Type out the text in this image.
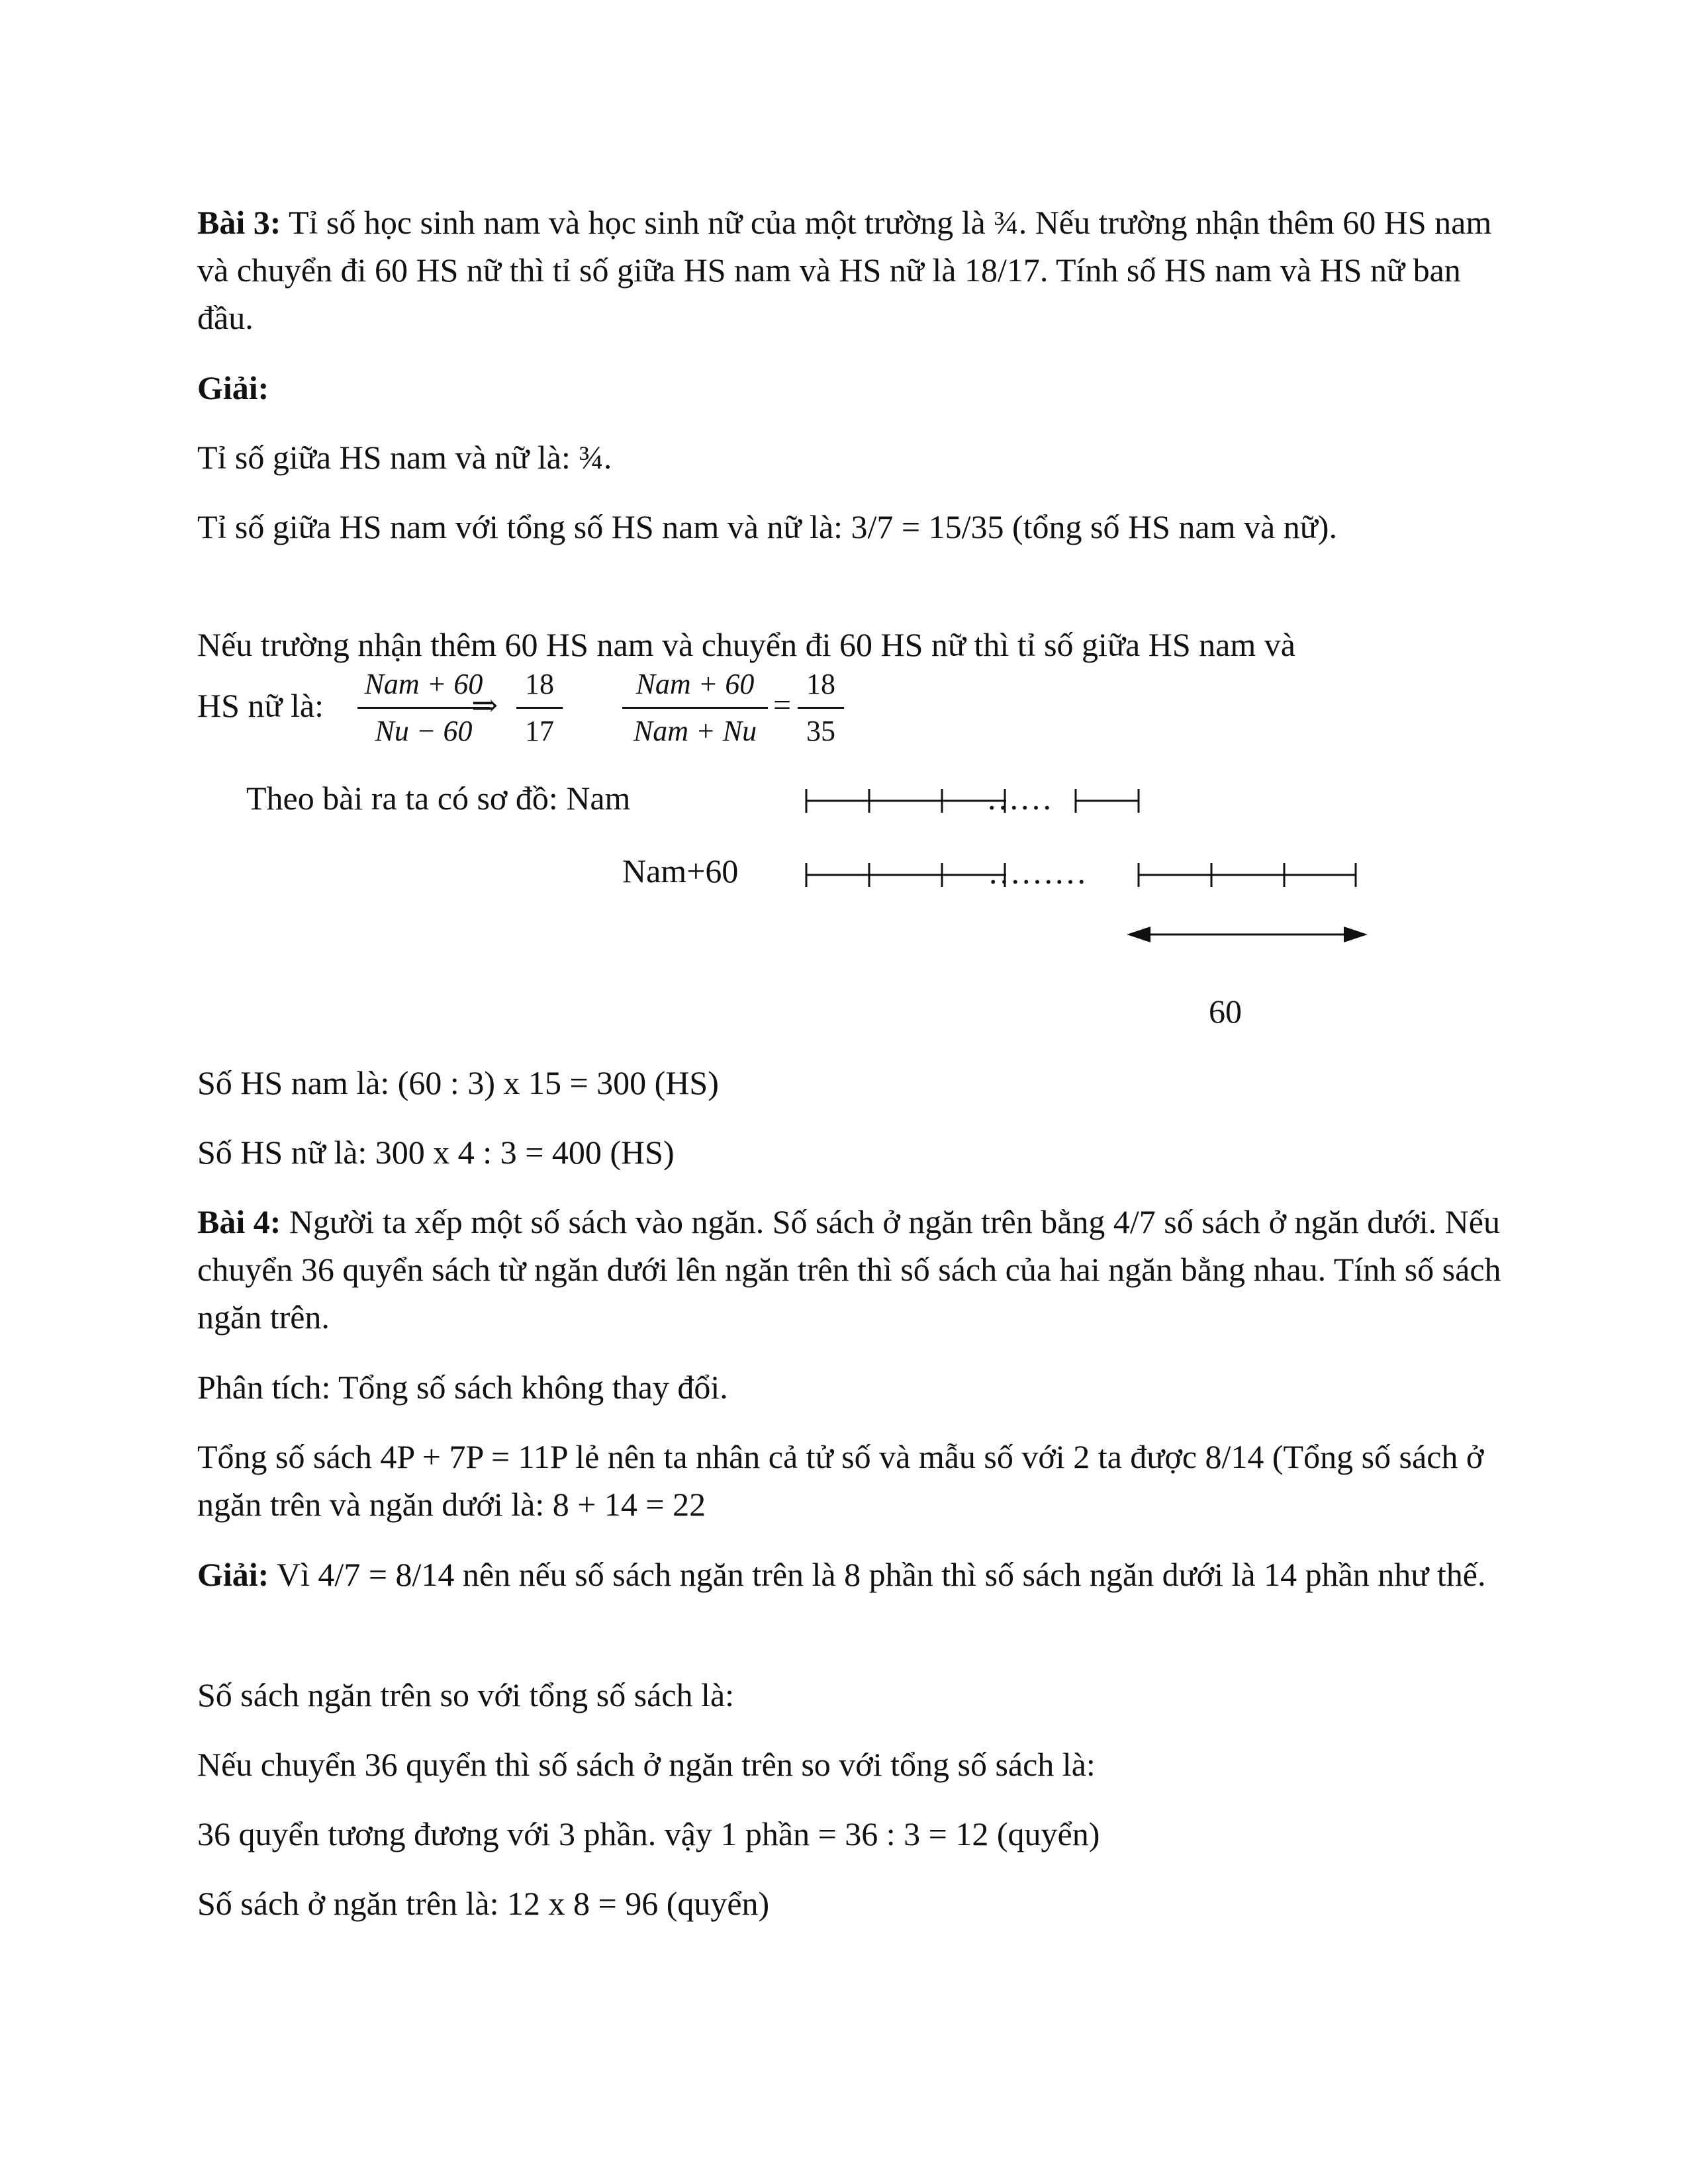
Bài 3: Tỉ số học sinh nam và học sinh nữ của một trường là ¾. Nếu trường nhận thêm 60 HS nam và chuyển đi 60 HS nữ thì tỉ số giữa HS nam và HS nữ là 18/17. Tính số HS nam và HS nữ ban đầu.

Giải:

Tỉ số giữa HS nam và nữ là: ¾.

Tỉ số giữa HS nam với tổng số HS nam và nữ là: 3/7 = 15/35 (tổng số HS nam và nữ).

Nếu trường nhận thêm 60 HS nam và chuyển đi 60 HS nữ thì tỉ số giữa HS nam và

HS nữ là:
Nam + 60
Nu − 60
⇒
18
17
Nam + 60
Nam + Nu
=
18
35
Theo bài ra ta có sơ đồ: Nam
Nam+60
……
………
60

Số HS nam là: (60 : 3) x 15 = 300 (HS)

Số HS nữ là: 300 x 4 : 3 = 400 (HS)

Bài 4: Người ta xếp một số sách vào ngăn. Số sách ở ngăn trên bằng 4/7 số sách ở ngăn dưới. Nếu chuyển 36 quyển sách từ ngăn dưới lên ngăn trên thì số sách của hai ngăn bằng nhau. Tính số sách ngăn trên.

Phân tích: Tổng số sách không thay đổi.

Tổng số sách 4P + 7P = 11P lẻ nên ta nhân cả tử số và mẫu số với 2 ta được 8/14 (Tổng số sách ở ngăn trên và ngăn dưới là: 8 + 14 = 22

Giải: Vì 4/7 = 8/14 nên nếu số sách ngăn trên là 8 phần thì số sách ngăn dưới là 14 phần như thế.

Số sách ngăn trên so với tổng số sách là:

Nếu chuyển 36 quyển thì số sách ở ngăn trên so với tổng số sách là:

36 quyển tương đương với 3 phần. vậy 1 phần = 36 : 3 = 12 (quyển)

Số sách ở ngăn trên là: 12 x 8 = 96 (quyển)
